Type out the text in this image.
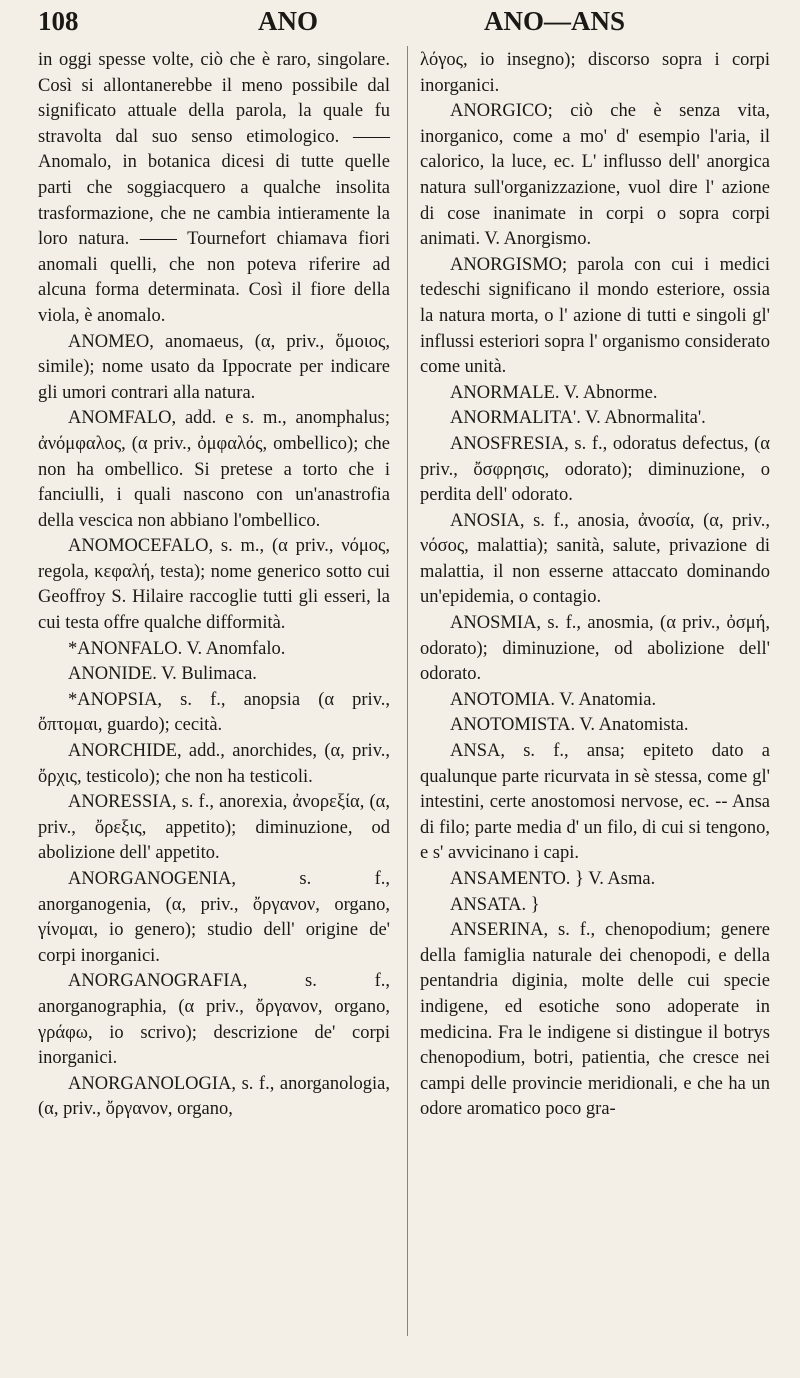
108	ANO	ANO—ANS

in oggi spesse volte, ciò che è raro, singolare. Così si allontanerebbe il meno possibile dal significato attuale della parola, la quale fu stravolta dal suo senso etimologico. —— Anomalo, in botanica dicesi di tutte quelle parti che soggiacquero a qualche insolita trasformazione, che ne cambia intieramente la loro natura. —— Tournefort chiamava fiori anomali quelli, che non poteva riferire ad alcuna forma determinata. Così il fiore della viola, è anomalo.

ANOMEO, anomaeus, (α, priv., ὅμοιος, simile); nome usato da Ippocrate per indicare gli umori contrari alla natura.

ANOMFALO, add. e s. m., anomphalus; ἀνόμφαλος, (α priv., ὀμφαλός, ombellico); che non ha ombellico. Si pretese a torto che i fanciulli, i quali nascono con un'anastrofia della vescica non abbiano l'ombellico.

ANOMOCEFALO, s. m., (α priv., νόμος, regola, κεφαλή, testa); nome generico sotto cui Geoffroy S. Hilaire raccoglie tutti gli esseri, la cui testa offre qualche difformità.

*ANONFALO. V. Anomfalo.

ANONIDE. V. Bulimaca.

*ANOPSIA, s. f., anopsia (α priv., ὄπτομαι, guardo); cecità.

ANORCHIDE, add., anorchides, (α, priv., ὄρχις, testicolo); che non ha testicoli.

ANORESSIA, s. f., anorexia, ἀνορεξία, (α, priv., ὄρεξις, appetito); diminuzione, od abolizione dell' appetito.

ANORGANOGENIA, s. f., anorganogenia, (α, priv., ὄργανον, organo, γίνομαι, io genero); studio dell' origine de' corpi inorganici.

ANORGANOGRAFIA, s. f., anorganographia, (α priv., ὄργανον, organo, γράφω, io scrivo); descrizione de' corpi inorganici.

ANORGANOLOGIA, s. f., anorganologia, (α, priv., ὄργανον, organo,

λόγος, io insegno); discorso sopra i corpi inorganici.

ANORGICO; ciò che è senza vita, inorganico, come a mo' d' esempio l'aria, il calorico, la luce, ec. L' influsso dell' anorgica natura sull'organizzazione, vuol dire l' azione di cose inanimate in corpi o sopra corpi animati. V. Anorgismo.

ANORGISMO; parola con cui i medici tedeschi significano il mondo esteriore, ossia la natura morta, o l' azione di tutti e singoli gl' influssi esteriori sopra l' organismo considerato come unità.

ANORMALE. V. Abnorme.

ANORMALITA'. V. Abnormalita'.

ANOSFRESIA, s. f., odoratus defectus, (α priv., ὄσφρησις, odorato); diminuzione, o perdita dell' odorato.

ANOSIA, s. f., anosia, ἀνοσία, (α, priv., νόσος, malattia); sanità, salute, privazione di malattia, il non esserne attaccato dominando un'epidemia, o contagio.

ANOSMIA, s. f., anosmia, (α priv., ὀσμή, odorato); diminuzione, od abolizione dell' odorato.

ANOTOMIA. V. Anatomia.

ANOTOMISTA. V. Anatomista.

ANSA, s. f., ansa; epiteto dato a qualunque parte ricurvata in sè stessa, come gl' intestini, certe anostomosi nervose, ec. -- Ansa di filo; parte media d' un filo, di cui si tengono, e s' avvicinano i capi.

ANSAMENTO. } V. Asma.

ANSATA. }

ANSERINA, s. f., chenopodium; genere della famiglia naturale dei chenopodi, e della pentandria diginia, molte delle cui specie indigene, ed esotiche sono adoperate in medicina. Fra le indigene si distingue il botrys chenopodium, botri, patientia, che cresce nei campi delle provincie meridionali, e che ha un odore aromatico poco gra-
